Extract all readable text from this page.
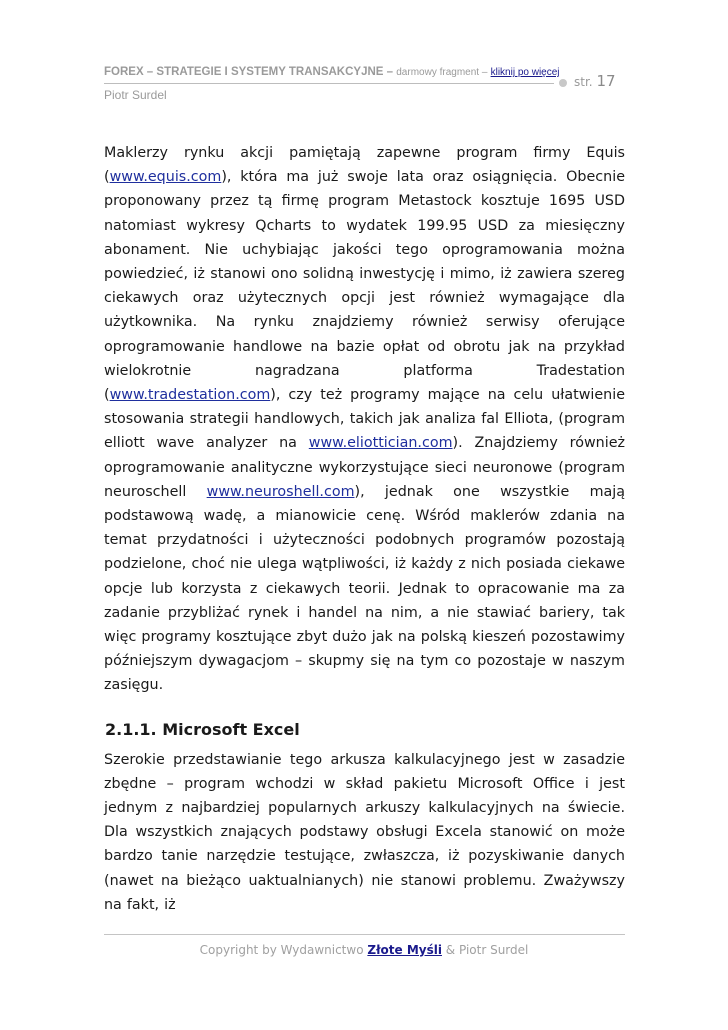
FOREX – STRATEGIE I SYSTEMY TRANSAKCYJNE – darmowy fragment – kliknij po więcej
str. 17
Piotr Surdel

Maklerzy rynku akcji pamiętają zapewne program firmy Equis (www.equis.com), która ma już swoje lata oraz osiągnięcia. Obecnie proponowany przez tą firmę program Metastock kosztuje 1695 USD natomiast wykresy Qcharts to wydatek 199.95 USD za miesięczny abonament. Nie uchybiając jakości tego oprogramowania można powiedzieć, iż stanowi ono solidną inwestycję i mimo, iż zawiera szereg ciekawych oraz użytecznych opcji jest również wymagające dla użytkownika. Na rynku znajdziemy również serwisy oferujące oprogramowanie handlowe na bazie opłat od obrotu jak na przykład wielokrotnie nagradzana platforma Tradestation (www.tradestation.com), czy też programy mające na celu ułatwienie stosowania strategii handlowych, takich jak analiza fal Elliota, (program elliott wave analyzer na www.eliottician.com). Znajdziemy również oprogramowanie analityczne wykorzystujące sieci neuronowe (program neuroschell www.neuroshell.com), jednak one wszystkie mają podstawową wadę, a mianowicie cenę. Wśród maklerów zdania na temat przydatności i użyteczności podobnych programów pozostają podzielone, choć nie ulega wątpliwości, iż każdy z nich posiada ciekawe opcje lub korzysta z ciekawych teorii. Jednak to opracowanie ma za zadanie przybliżać rynek i handel na nim, a nie stawiać bariery, tak więc programy kosztujące zbyt dużo jak na polską kieszeń pozostawimy późniejszym dywagacjom – skupmy się na tym co pozostaje w naszym zasięgu.

2.1.1. Microsoft Excel

Szerokie przedstawianie tego arkusza kalkulacyjnego jest w zasadzie zbędne – program wchodzi w skład pakietu Microsoft Office i jest jednym z najbardziej popularnych arkuszy kalkulacyjnych na świecie. Dla wszystkich znających podstawy obsługi Excela stanowić on może bardzo tanie narzędzie testujące, zwłaszcza, iż pozyskiwanie danych (nawet na bieżąco uaktualnianych) nie stanowi problemu. Zważywszy na fakt, iż

Copyright by Wydawnictwo Złote Myśli & Piotr Surdel
